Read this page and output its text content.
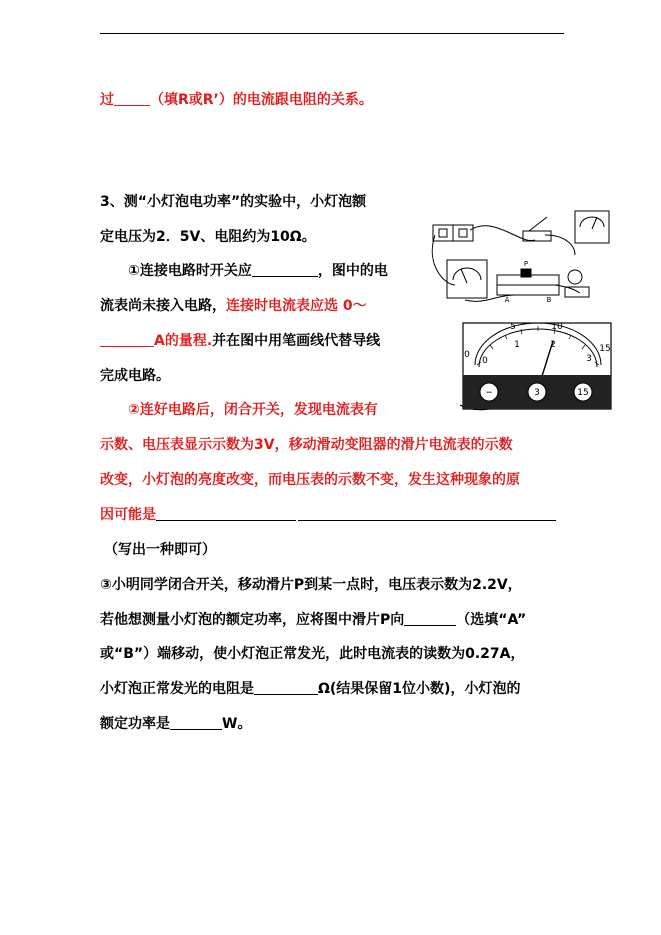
过	（填R或R’）的电流跟电阻的关系。
3、测“小灯泡电功率”的实验中，小灯泡额
定电压为2．5V、电阻约为10Ω。
①连接电路时开关应	，图中的电
流表尚未接入电路，连接时电流表应选 0～
A的量程.并在图中用笔画线代替导线
完成电路。
②连好电路后，闭合开关，发现电流表有
示数、电压表显示示数为3V，移动滑动变阻器的滑片电流表的示数
改变，小灯泡的亮度改变，而电压表的示数不变，发生这种现象的原
因可能是
（写出一种即可）
③小明同学闭合开关，移动滑片P到某一点时，电压表示数为2.2V，
若他想测量小灯泡的额定功率，应将图中滑片P向	（选填“A”
或“B”）端移动，使小灯泡正常发光，此时电流表的读数为0.27A，
小灯泡正常发光的电阻是	Ω(结果保留1位小数)，小灯泡的
额定功率是	W。
0
5	10
15
0
1	2
3
−	3	15
P
A	B
